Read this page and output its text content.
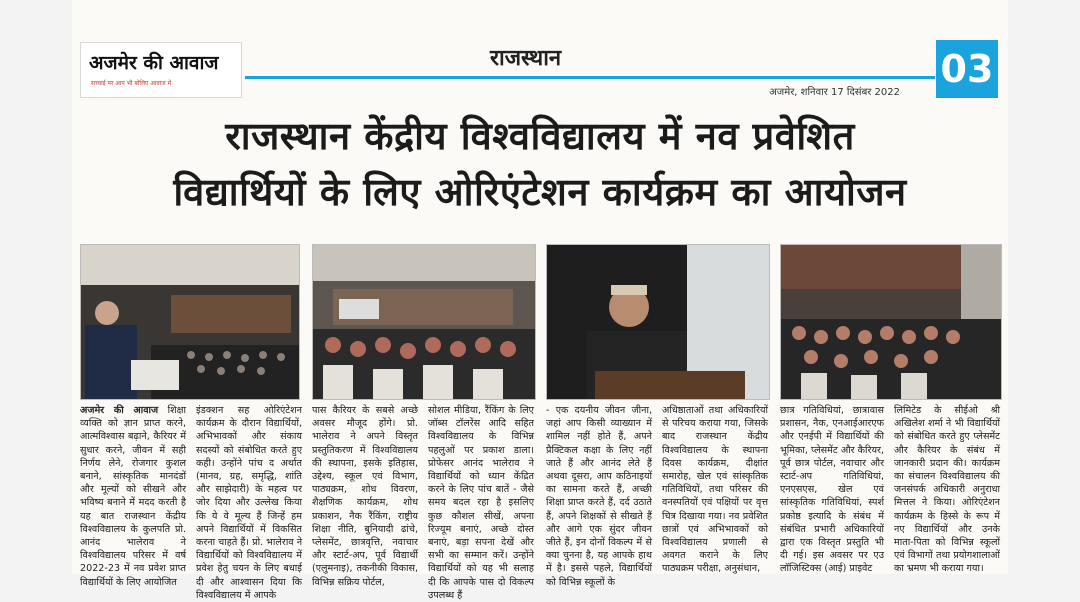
अजमेर की आवाज
सच्चाई पर आप भी बोलिए आवाज में
राजस्थान
अजमेर, शनिवार 17 दिसंबर 2022
03
राजस्थान केंद्रीय विश्वविद्यालय में नव प्रवेशित
विद्यार्थियों के लिए ओरिएंटेशन कार्यक्रम का आयोजन
अजमेर की आवाज शिक्षा व्यक्ति को ज्ञान प्राप्त करने, आत्मविश्वास बढ़ाने, कैरियर में सुधार करने, जीवन में सही निर्णय लेने, रोजगार कुशल बनाने, सांस्कृतिक मानदंडों और मूल्यों को सीखने और भविष्य बनाने में मदद करती है यह बात राजस्थान केंद्रीय विश्वविद्यालय के कुलपति प्रो. आनंद भालेराव ने विश्वविद्यालय परिसर में वर्ष 2022-23 में नव प्रवेश प्राप्त विद्यार्थियों के लिए आयोजित
इंडक्शन सह ओरिएंटेशन कार्यक्रम के दौरान विद्यार्थियों, अभिभावकों और संकाय सदस्यों को संबोधित करते हुए कही। उन्होंने पांच द अर्थात (मानव, ग्रह, समृद्धि, शांति और साझेदारी) के महत्व पर जोर दिया और उल्लेख किया कि ये वे मूल्य हैं जिन्हें हम अपने विद्यार्थियों में विकसित करना चाहते हैं। प्रो. भालेराव ने विद्यार्थियों को विश्वविद्यालय में प्रवेश हेतु चयन के लिए बधाई दी और आश्वासन दिया कि विश्वविद्यालय में आपके
पास कैरियर के सबसे अच्छे अवसर मौजूद होंगे। प्रो. भालेराव ने अपने विस्तृत प्रस्तुतिकरण में विश्वविद्यालय की स्थापना, इसके इतिहास, उद्देश्य, स्कूल एवं विभाग, पाठ्यक्रम, शोध विवरण, शैक्षणिक कार्यक्रम, शोध प्रकाशन, नैक रैंकिंग, राष्ट्रीय शिक्षा नीति, बुनियादी ढांचे, प्लेसमेंट, छात्रवृत्ति, नवाचार और स्टार्ट-अप, पूर्व विद्यार्थी (एलुमनाइ), तकनीकी विकास, विभिन्न सक्रिय पोर्टल,
सोशल मीडिया, रैंकिंग के लिए जॉब्स टॉलरेंस आदि सहित विश्वविद्यालय के विभिन्न पहलुओं पर प्रकाश डाला। प्रोफेसर आनंद भालेराव ने विद्यार्थियों को ध्यान केंद्रित करने के लिए पांच बातें - जैसे समय बदल रहा है इसलिए कुछ कौशल सीखें, अपना रिज्यूम बनाएं, अच्छे दोस्त बनाएं, बड़ा सपना देखें और सभी का सम्मान करें। उन्होंने विद्यार्थियों को यह भी सलाह दी कि आपके पास दो विकल्प उपलब्ध हैं
- एक दयनीय जीवन जीना, जहां आप किसी व्याख्यान में शामिल नहीं होते हैं, अपने प्रैक्टिकल कक्षा के लिए नहीं जाते हैं और आनंद लेते हैं अथवा दूसरा, आप कठिनाइयों का सामना करते हैं, अच्छी शिक्षा प्राप्त करते हैं, दर्द उठाते हैं, अपने शिक्षकों से सीखते हैं और आगे एक सुंदर जीवन जीते हैं, इन दोनों विकल्प में से क्या चुनना है, यह आपके हाथ में है। इससे पहले, विद्यार्थियों को विभिन्न स्कूलों के
अधिष्ठाताओं तथा अधिकारियों से परिचय कराया गया, जिसके बाद राजस्थान केंद्रीय विश्वविद्यालय के स्थापना दिवस कार्यक्रम, दीक्षांत समारोह, खेल एवं सांस्कृतिक गतिविधियों, तथा परिसर की वनस्पतियों एवं पक्षियों पर वृत्त चित्र दिखाया गया। नव प्रवेशित छात्रों एवं अभिभावकों को विश्वविद्यालय प्रणाली से अवगत कराने के लिए पाठ्यक्रम परीक्षा, अनुसंधान,
छात्र गतिविधियां, छात्रावास प्रशासन, नैक, एनआईआरएफ और एनईपी में विद्यार्थियों की भूमिका, प्लेसमेंट और कैरियर, पूर्व छात्र पोर्टल, नवाचार और स्टार्ट-अप गतिविधियां, एनएसएस, खेल एवं सांस्कृतिक गतिविधियां, स्पर्श प्रकोष्ठ इत्यादि के संबंध में संबंधित प्रभारी अधिकारियों द्वारा एक विस्तृत प्रस्तुति भी दी गई। इस अवसर पर एउ लॉजिस्टिक्स (आई) प्राइवेट
लिमिटेड के सीईओ श्री अखिलेश शर्मा ने भी विद्यार्थियों को संबोधित करते हुए प्लेसमेंट और कैरियर के संबंध में जानकारी प्रदान की। कार्यक्रम का संचालन विश्वविद्यालय की जनसंपर्क अधिकारी अनुराधा मित्तल ने किया। ओरिएंटेशन कार्यक्रम के हिस्से के रूप में नए विद्यार्थियों और उनके माता-पिता को विभिन्न स्कूलों एवं विभागों तथा प्रयोगशालाओं का भ्रमण भी कराया गया।
